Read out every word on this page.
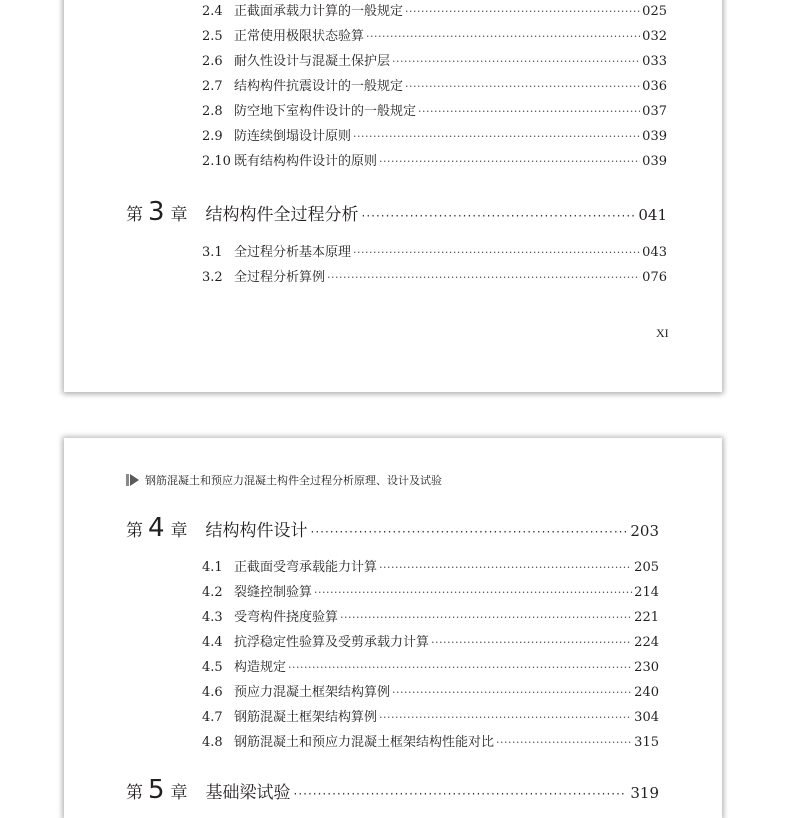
2.4 正截面承载力计算的一般规定 ·····	025
2.5 正常使用极限状态验算 ·····	032
2.6 耐久性设计与混凝土保护层 ·····	033
2.7 结构构件抗震设计的一般规定 ·····	036
2.8 防空地下室构件设计的一般规定 ·····	037
2.9 防连续倒塌设计原则 ·····	039
2.10 既有结构构件设计的原则 ·····	039
第 3 章 结构构件全过程分析 ·····	041
3.1 全过程分析基本原理 ·····	043
3.2 全过程分析算例 ·····	076
XI
钢筋混凝土和预应力混凝土构件全过程分析原理、设计及试验
第 4 章 结构构件设计 ·····	203
4.1 正截面受弯承载能力计算 ·····	205
4.2 裂缝控制验算 ·····	214
4.3 受弯构件挠度验算 ·····	221
4.4 抗浮稳定性验算及受剪承载力计算 ·····	224
4.5 构造规定 ·····	230
4.6 预应力混凝土框架结构算例 ·····	240
4.7 钢筋混凝土框架结构算例 ·····	304
4.8 钢筋混凝土和预应力混凝土框架结构性能对比 ·····	315
第 5 章 基础梁试验 ·····	319
